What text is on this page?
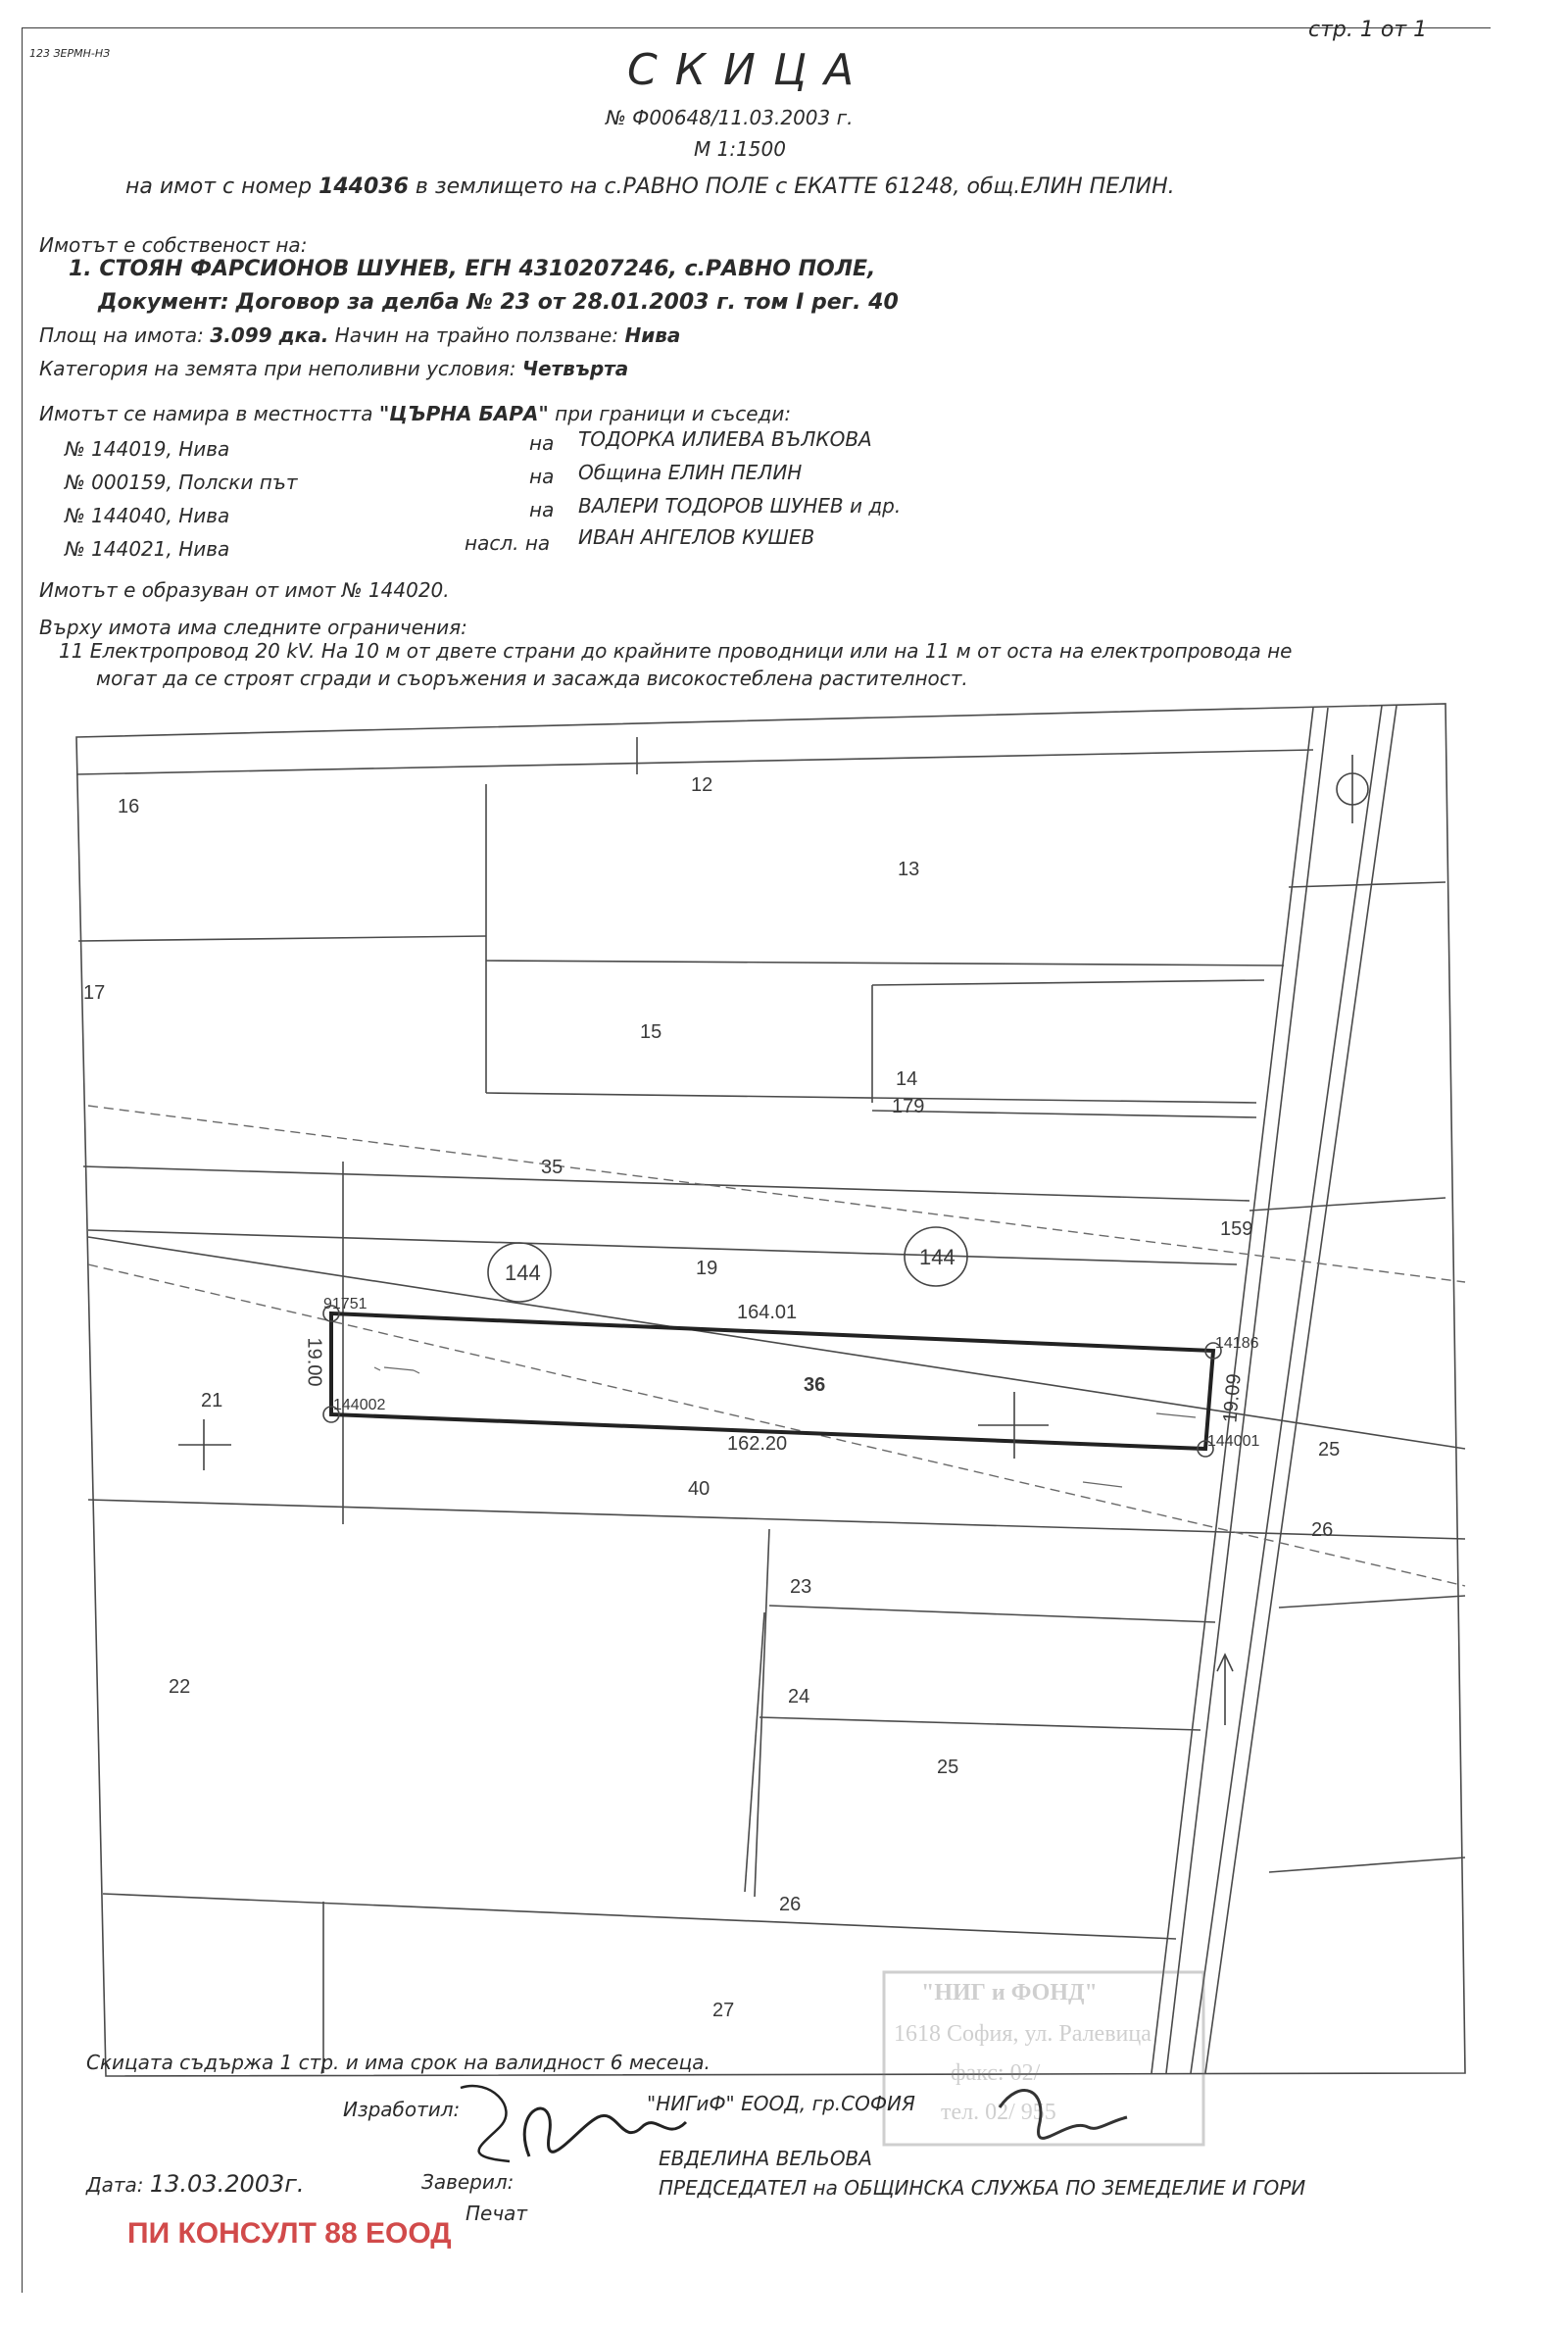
123 ЗЕРМН-НЗ
стр. 1 от 1
СКИЦА
№ Ф00648/11.03.2003 г.
М 1:1500
на имот с номер 144036 в землището на с.РАВНО ПОЛЕ с ЕКАТТЕ 61248, общ.ЕЛИН ПЕЛИН.
Имотът е собственост на:
1. СТОЯН ФАРСИОНОВ ШУНЕВ, ЕГН 4310207246, с.РАВНО ПОЛЕ,
Документ: Договор за делба № 23 от 28.01.2003 г. том I рег. 40
Площ на имота: 3.099 дка. Начин на трайно ползване: Нива
Категория на земята при неполивни условия: Четвърта
Имотът се намира в местността "ЦЪРНА БАРА" при граници и съседи:
№ 144019, Нива	на ТОДОРКА ИЛИЕВА ВЪЛКОВА
№ 000159, Полски път	на Община ЕЛИН ПЕЛИН
№ 144040, Нива	на ВАЛЕРИ ТОДОРОВ ШУНЕВ и др.
№ 144021, Нива	насл. на ИВАН АНГЕЛОВ КУШЕВ
Имотът е образуван от имот № 144020.
Върху имота има следните ограничения:
11 Електропровод 20 kV. На 10 м от двете страни до крайните проводници или на 11 м от оста на електропровода не
могат да се строят сгради и съоръжения и засажда високостеблена растителност.
16
17
12
13
15
14
179
35
159
19
144
144
164.01
91751
19.00
144002
36
14186
19.09
144001
162.20
21
40
25
26
23
22	24
25
26
27
"НИГ и ФОНД"
1618 София, ул. Ралевица
факс: 02/
тел. 02/ 955
Скицата съдържа 1 стр. и има срок на валидност 6 месеца.
Изработил:	"НИГиФ" ЕООД, гр.СОФИЯ
Дата: 13.03.2003г.	Заверил:
ЕВДЕЛИНА ВЕЛЬОВА
ПРЕДСЕДАТЕЛ на ОБЩИНСКА СЛУЖБА ПО ЗЕМЕДЕЛИЕ И ГОРИ
Печат
ПИ КОНСУЛТ 88 ЕООД
